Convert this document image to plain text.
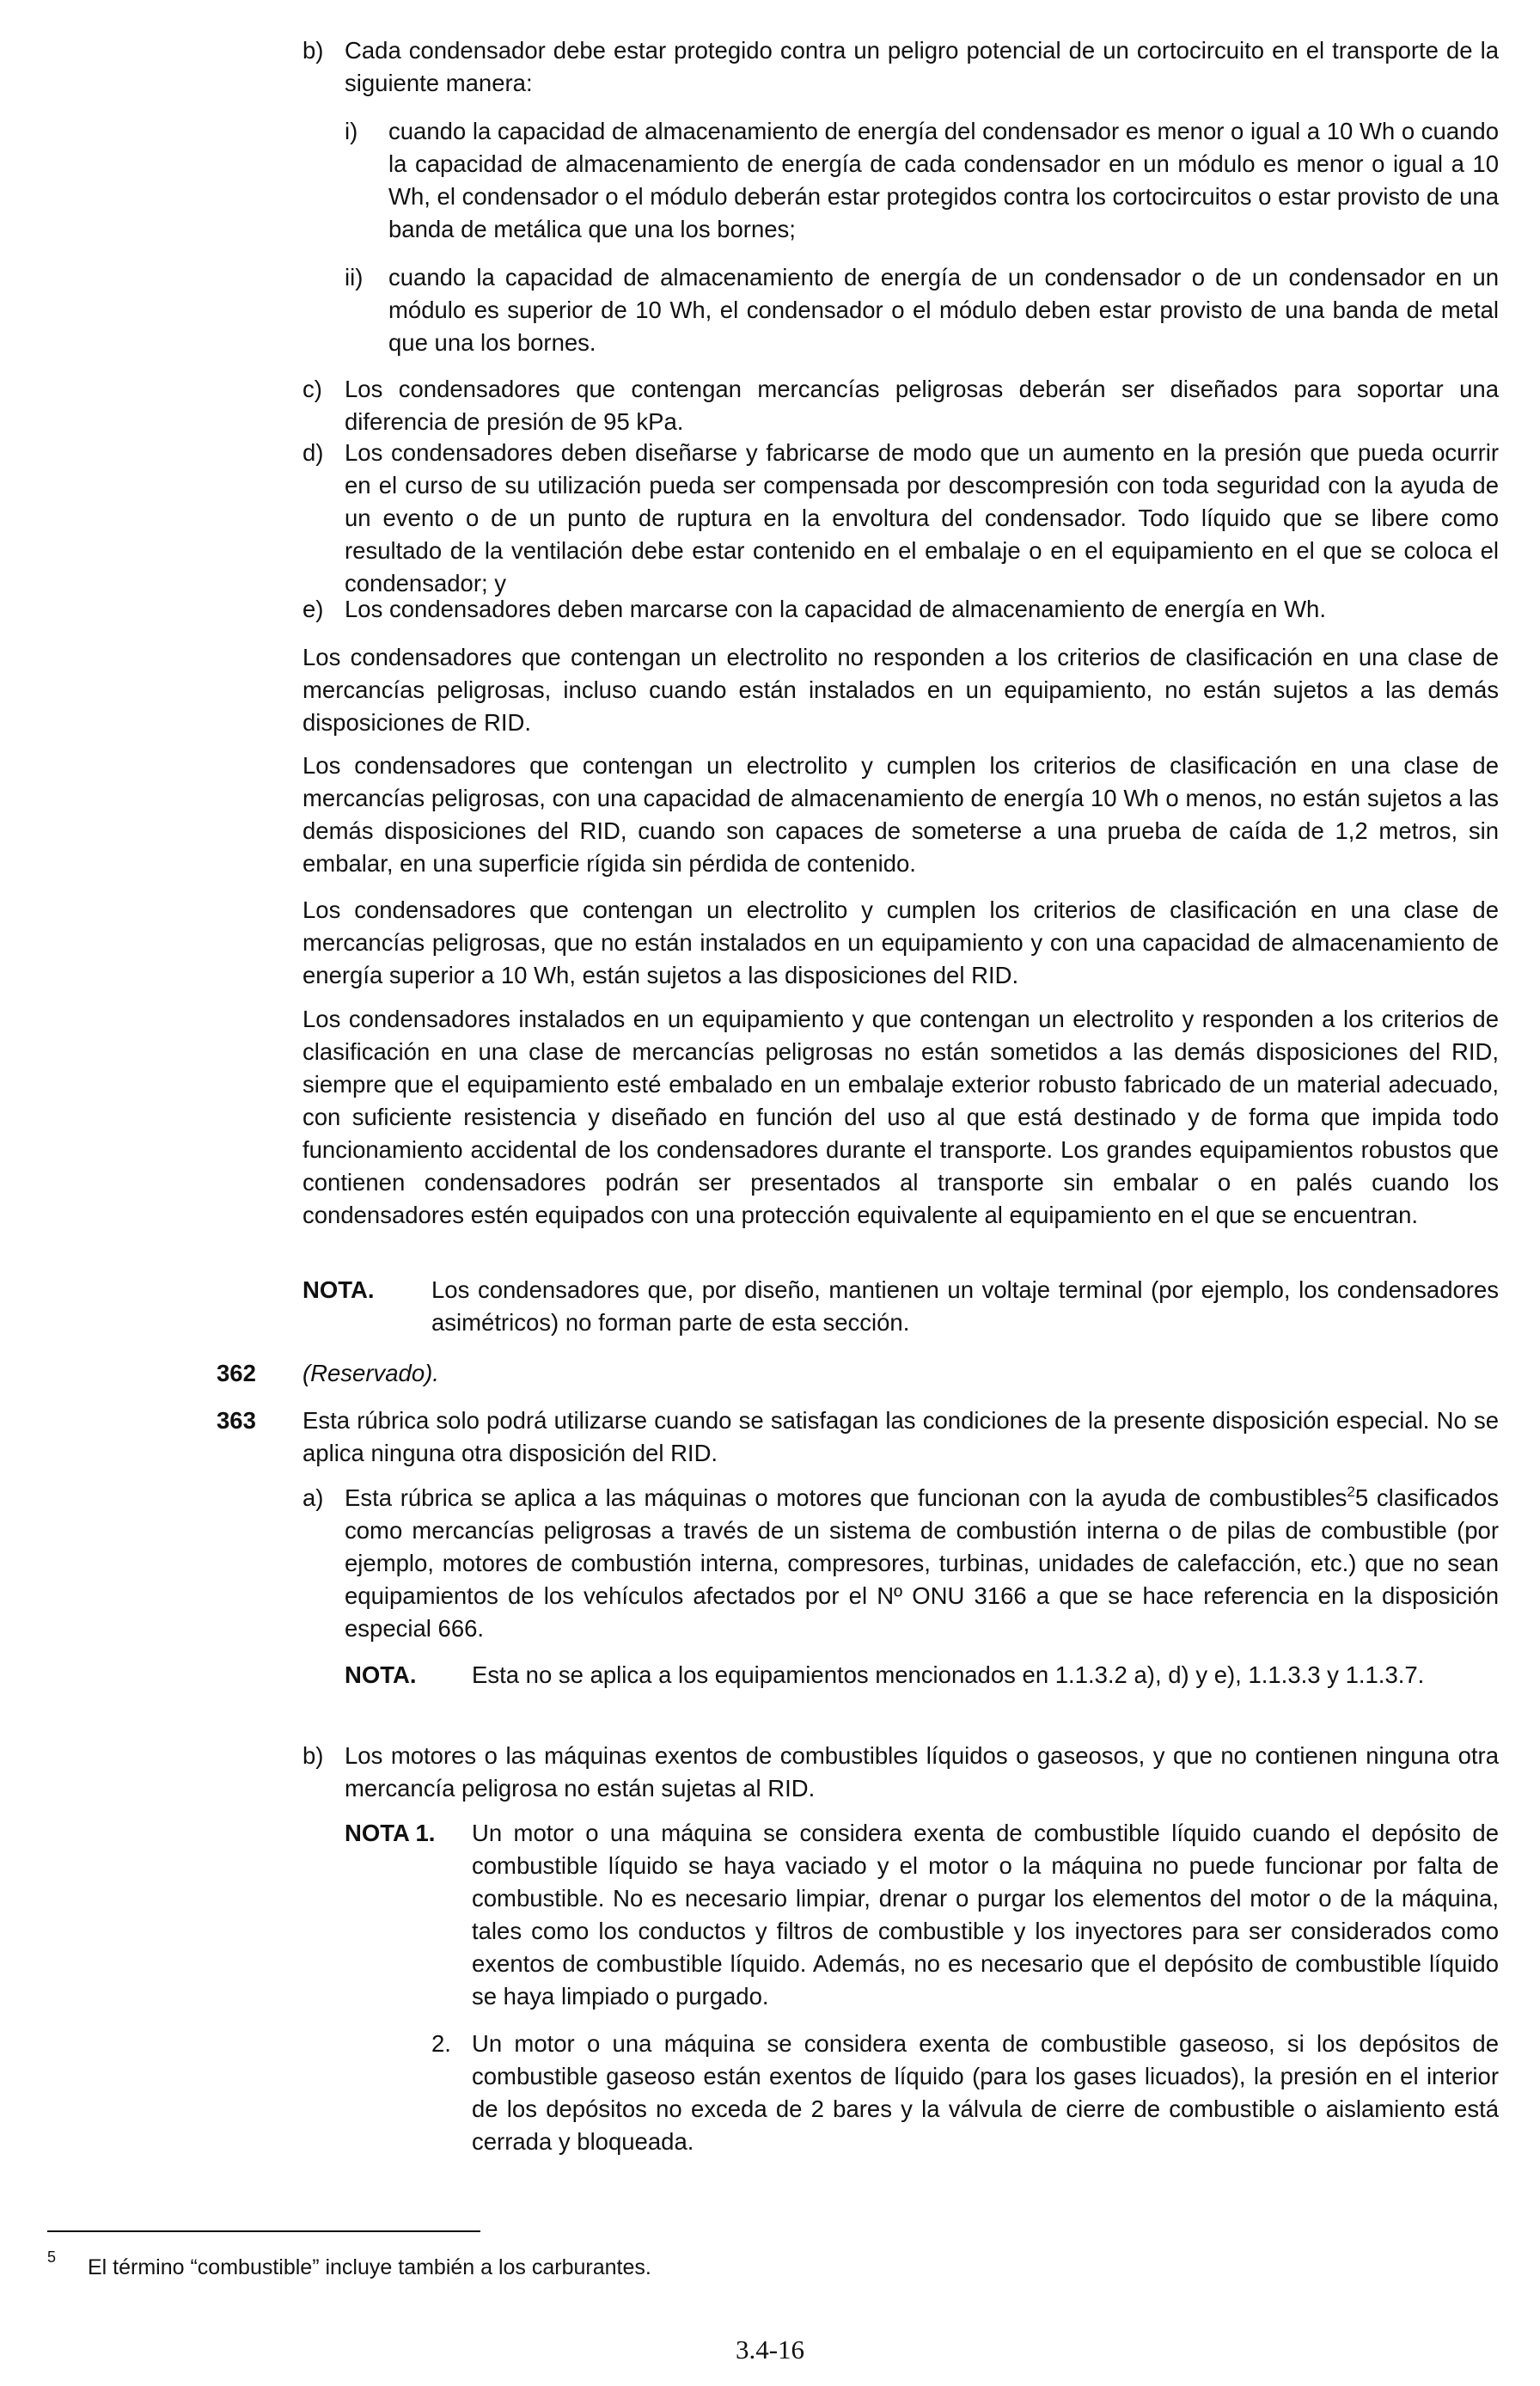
b) Cada condensador debe estar protegido contra un peligro potencial de un cortocircuito en el transporte de la siguiente manera:
i) cuando la capacidad de almacenamiento de energía del condensador es menor o igual a 10 Wh o cuando la capacidad de almacenamiento de energía de cada condensador en un módulo es menor o igual a 10 Wh, el condensador o el módulo deberán estar protegidos contra los cortocircuitos o estar provisto de una banda de metálica que una los bornes;
ii) cuando la capacidad de almacenamiento de energía de un condensador o de un condensador en un módulo es superior de 10 Wh, el condensador o el módulo deben estar provisto de una banda de metal que una los bornes.
c) Los condensadores que contengan mercancías peligrosas deberán ser diseñados para soportar una diferencia de presión de 95 kPa.
d) Los condensadores deben diseñarse y fabricarse de modo que un aumento en la presión que pueda ocurrir en el curso de su utilización pueda ser compensada por descompresión con toda seguridad con la ayuda de un evento o de un punto de ruptura en la envoltura del condensador. Todo líquido que se libere como resultado de la ventilación debe estar contenido en el embalaje o en el equipamiento en el que se coloca el condensador; y
e) Los condensadores deben marcarse con la capacidad de almacenamiento de energía en Wh.
Los condensadores que contengan un electrolito no responden a los criterios de clasificación en una clase de mercancías peligrosas, incluso cuando están instalados en un equipamiento, no están sujetos a las demás disposiciones de RID.
Los condensadores que contengan un electrolito y cumplen los criterios de clasificación en una clase de mercancías peligrosas, con una capacidad de almacenamiento de energía 10 Wh o menos, no están sujetos a las demás disposiciones del RID, cuando son capaces de someterse a una prueba de caída de 1,2 metros, sin embalar, en una superficie rígida sin pérdida de contenido.
Los condensadores que contengan un electrolito y cumplen los criterios de clasificación en una clase de mercancías peligrosas, que no están instalados en un equipamiento y con una capacidad de almacenamiento de energía superior a 10 Wh, están sujetos a las disposiciones del RID.
Los condensadores instalados en un equipamiento y que contengan un electrolito y responden a los criterios de clasificación en una clase de mercancías peligrosas no están sometidos a las demás disposiciones del RID, siempre que el equipamiento esté embalado en un embalaje exterior robusto fabricado de un material adecuado, con suficiente resistencia y diseñado en función del uso al que está destinado y de forma que impida todo funcionamiento accidental de los condensadores durante el transporte. Los grandes equipamientos robustos que contienen condensadores podrán ser presentados al transporte sin embalar o en palés cuando los condensadores estén equipados con una protección equivalente al equipamiento en el que se encuentran.
NOTA. Los condensadores que, por diseño, mantienen un voltaje terminal (por ejemplo, los condensadores asimétricos) no forman parte de esta sección.
362 (Reservado).
363 Esta rúbrica solo podrá utilizarse cuando se satisfagan las condiciones de la presente disposición especial. No se aplica ninguna otra disposición del RID.
a) Esta rúbrica se aplica a las máquinas o motores que funcionan con la ayuda de combustibles$^2$5 clasificados como mercancías peligrosas a través de un sistema de combustión interna o de pilas de combustible (por ejemplo, motores de combustión interna, compresores, turbinas, unidades de calefacción, etc.) que no sean equipamientos de los vehículos afectados por el Nº ONU 3166 a que se hace referencia en la disposición especial 666.
NOTA. Esta no se aplica a los equipamientos mencionados en 1.1.3.2 a), d) y e), 1.1.3.3 y 1.1.3.7.
b) Los motores o las máquinas exentos de combustibles líquidos o gaseosos, y que no contienen ninguna otra mercancía peligrosa no están sujetas al RID.
NOTA 1. Un motor o una máquina se considera exenta de combustible líquido cuando el depósito de combustible líquido se haya vaciado y el motor o la máquina no puede funcionar por falta de combustible. No es necesario limpiar, drenar o purgar los elementos del motor o de la máquina, tales como los conductos y filtros de combustible y los inyectores para ser considerados como exentos de combustible líquido. Además, no es necesario que el depósito de combustible líquido se haya limpiado o purgado.
2. Un motor o una máquina se considera exenta de combustible gaseoso, si los depósitos de combustible gaseoso están exentos de líquido (para los gases licuados), la presión en el interior de los depósitos no exceda de 2 bares y la válvula de cierre de combustible o aislamiento está cerrada y bloqueada.
5 El término “combustible” incluye también a los carburantes.
3.4-16
